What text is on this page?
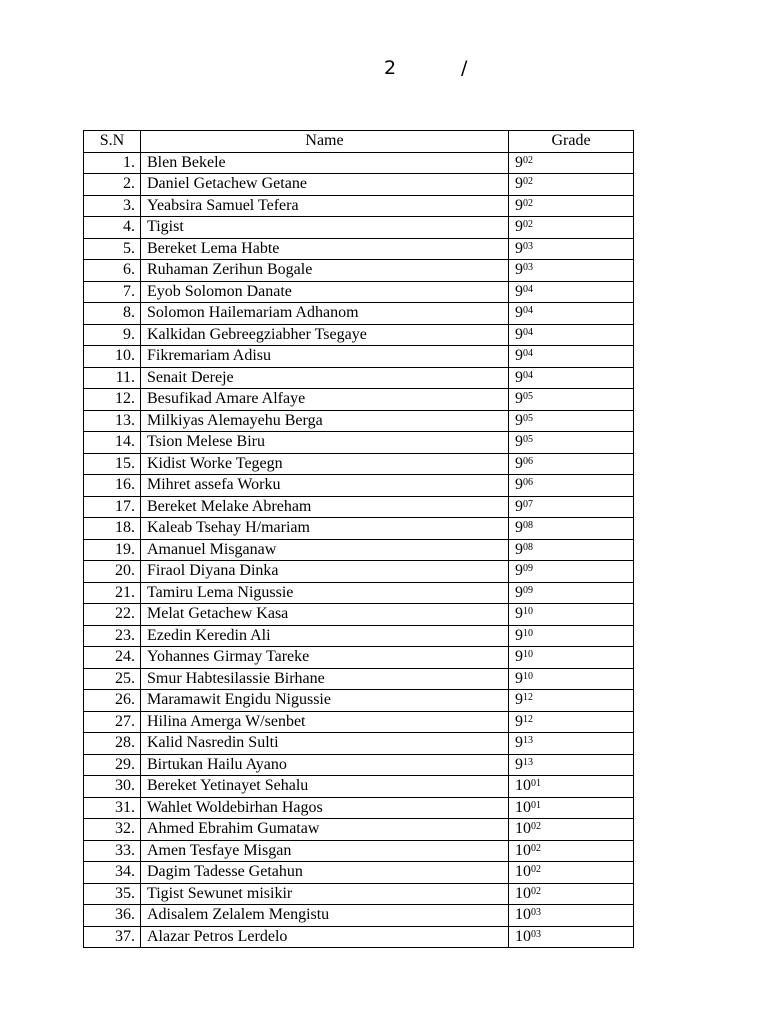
2	/
S.N	Name	Grade
1.	Blen Bekele	$9^{02}$
2.	Daniel Getachew Getane	$9^{02}$
3.	Yeabsira Samuel Tefera	$9^{02}$
4.	Tigist	$9^{02}$
5.	Bereket Lema Habte	$9^{03}$
6.	Ruhaman Zerihun Bogale	$9^{03}$
7.	Eyob Solomon Danate	$9^{04}$
8.	Solomon Hailemariam Adhanom	$9^{04}$
9.	Kalkidan Gebreegziabher Tsegaye	$9^{04}$
10.	Fikremariam Adisu	$9^{04}$
11.	Senait Dereje	$9^{04}$
12.	Besufikad Amare Alfaye	$9^{05}$
13.	Milkiyas Alemayehu Berga	$9^{05}$
14.	Tsion Melese Biru	$9^{05}$
15.	Kidist Worke Tegegn	$9^{06}$
16.	Mihret assefa Worku	$9^{06}$
17.	Bereket Melake Abreham	$9^{07}$
18.	Kaleab Tsehay H/mariam	$9^{08}$
19.	Amanuel Misganaw	$9^{08}$
20.	Firaol Diyana Dinka	$9^{09}$
21.	Tamiru Lema Nigussie	$9^{09}$
22.	Melat Getachew Kasa	$9^{10}$
23.	Ezedin Keredin Ali	$9^{10}$
24.	Yohannes Girmay Tareke	$9^{10}$
25.	Smur Habtesilassie Birhane	$9^{10}$
26.	Maramawit Engidu Nigussie	$9^{12}$
27.	Hilina Amerga W/senbet	$9^{12}$
28.	Kalid Nasredin Sulti	$9^{13}$
29.	Birtukan Hailu Ayano	$9^{13}$
30.	Bereket Yetinayet Sehalu	$10^{01}$
31.	Wahlet Woldebirhan Hagos	$10^{01}$
32.	Ahmed Ebrahim Gumataw	$10^{02}$
33.	Amen Tesfaye Misgan	$10^{02}$
34.	Dagim Tadesse Getahun	$10^{02}$
35.	Tigist Sewunet misikir	$10^{02}$
36.	Adisalem Zelalem Mengistu	$10^{03}$
37.	Alazar Petros Lerdelo	$10^{03}$
